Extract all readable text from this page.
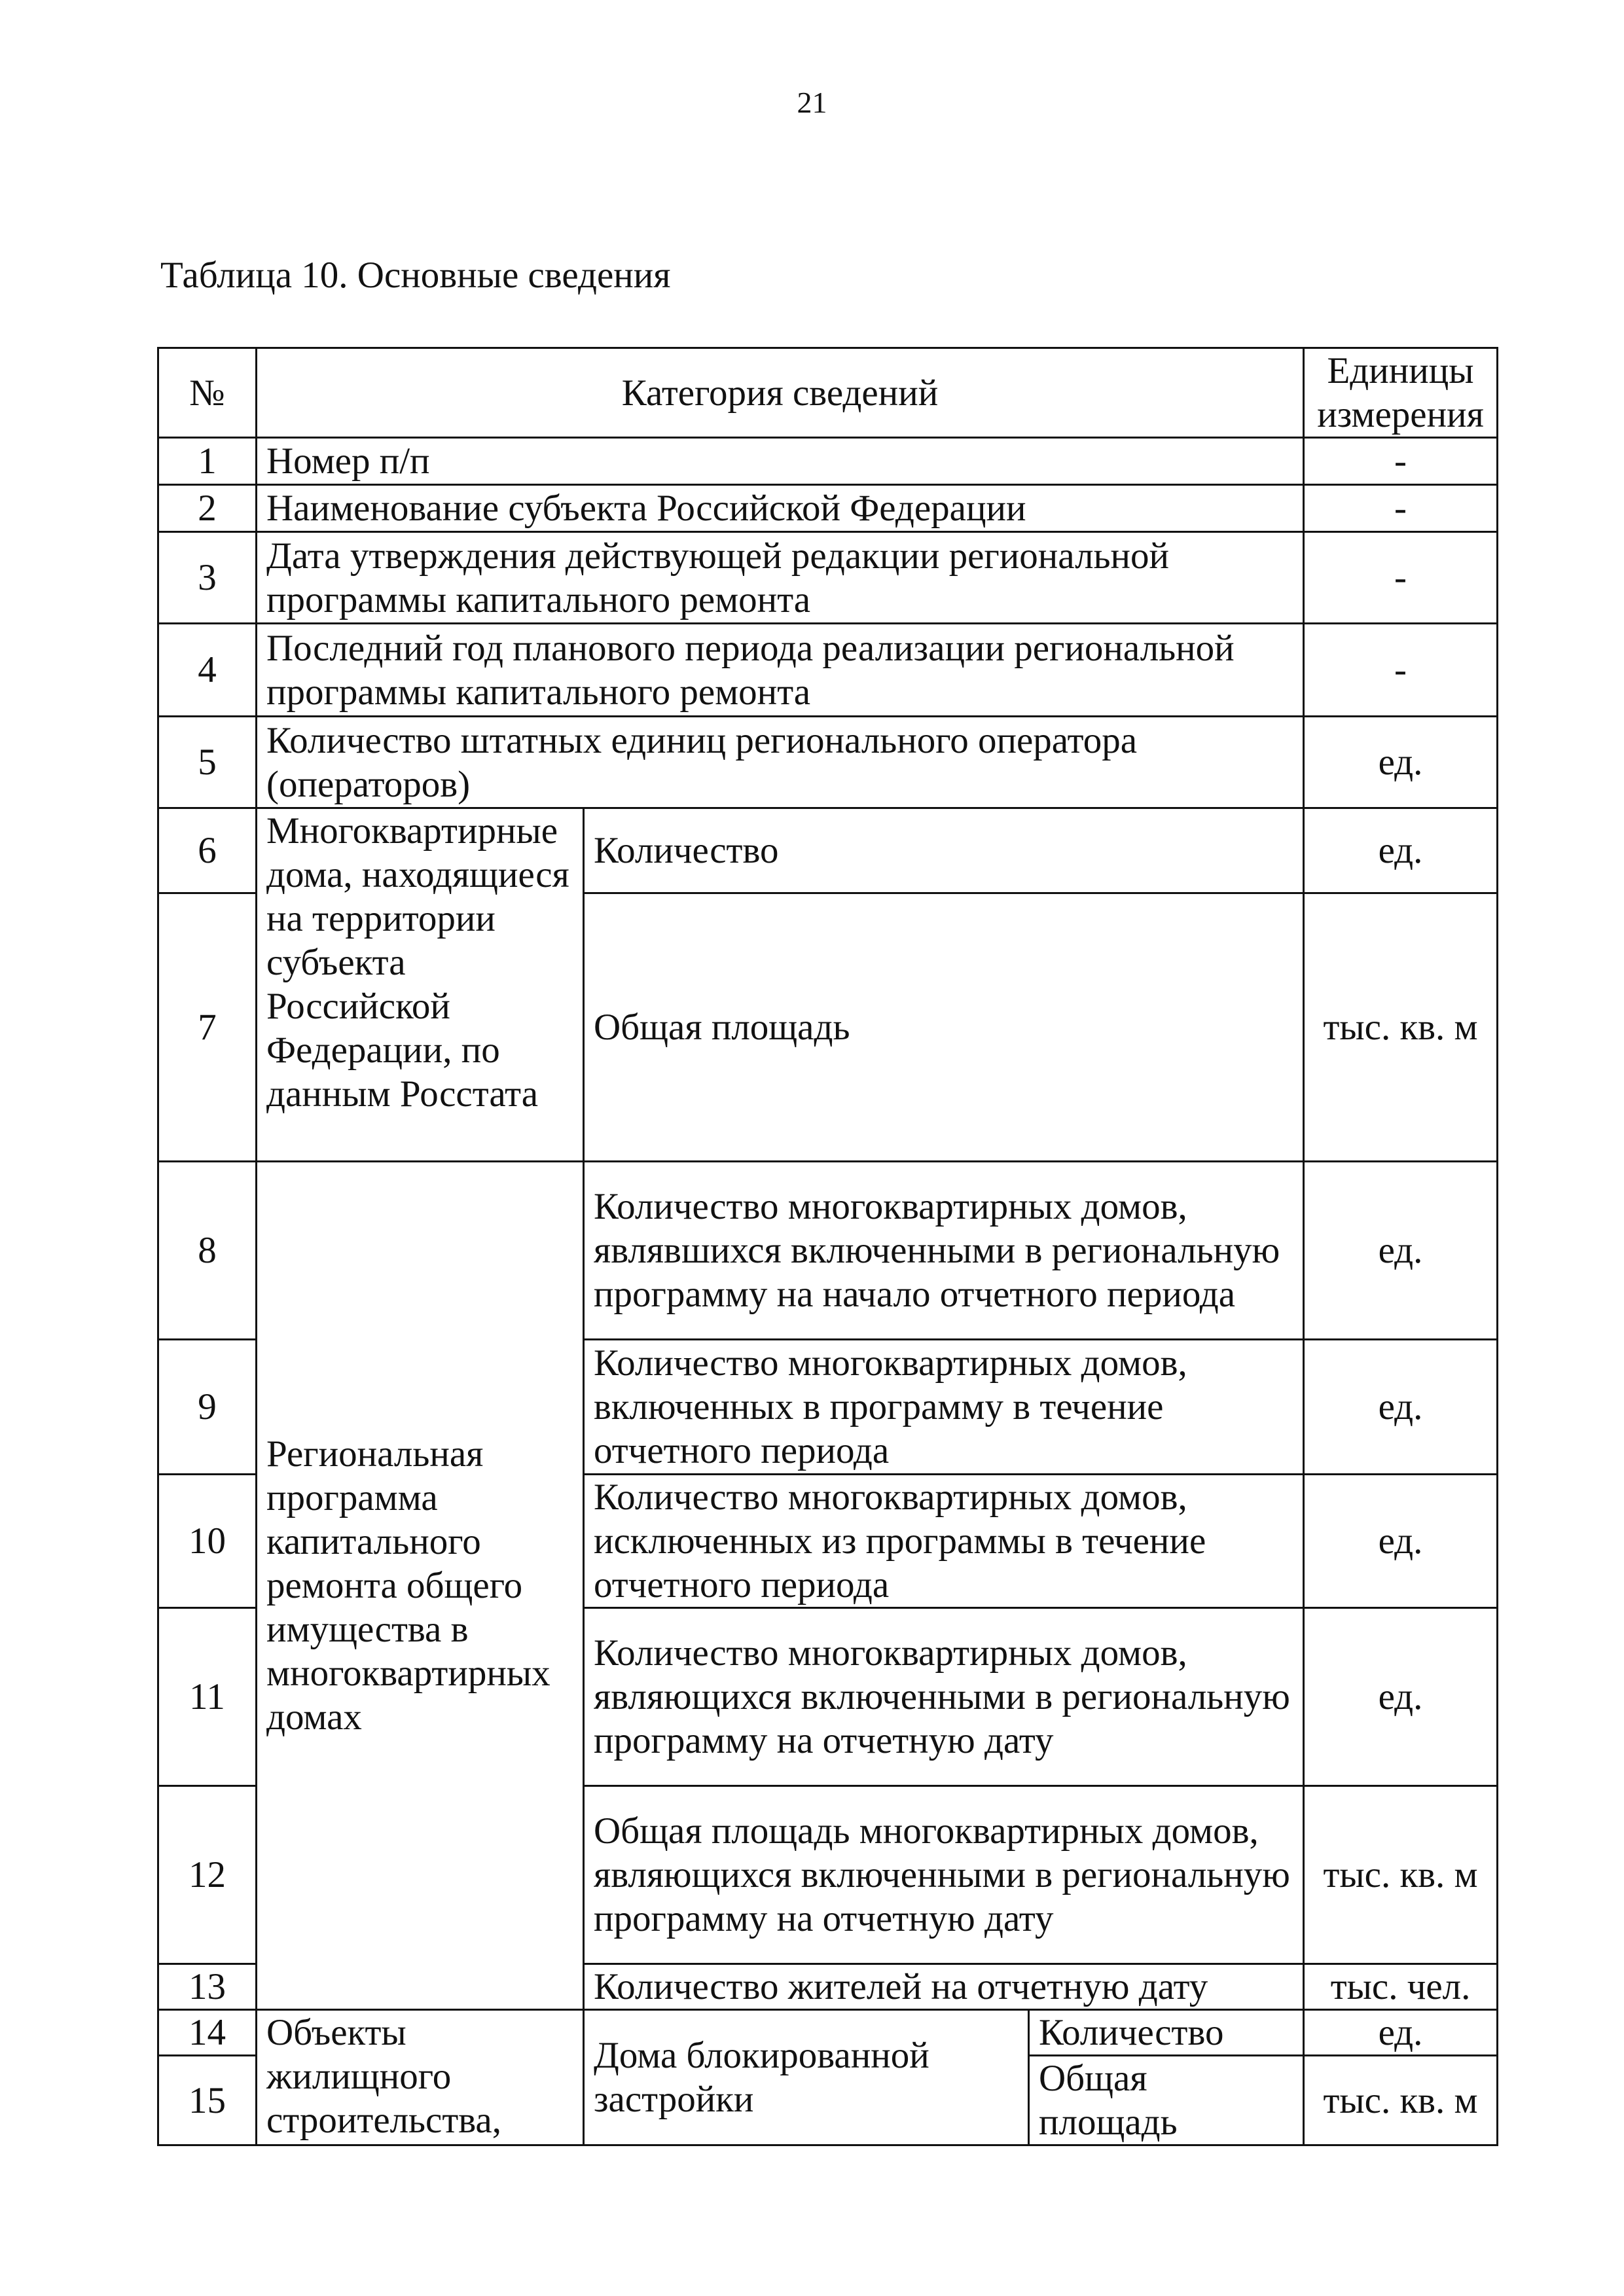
21
Таблица 10. Основные сведения
№	Категория сведений			Единицы
измерения
1	Номер п/п			-
2	Наименование субъекта Российской Федерации			-
3	Дата утверждения действующей редакции региональной программы капитального ремонта			-
4	Последний год планового периода реализации региональной программы капитального ремонта			-
5	Количество штатных единиц регионального оператора (операторов)			ед.
6	Многоквартирные дома, находящиеся на территории субъекта Российской Федерации, по данным Росстата	Количество		ед.
7		Общая площадь		тыс. кв. м
8	Региональная программа капитального ремонта общего имущества в многоквартирных домах	Количество многоквартирных домов, являвшихся включенными в региональную программу на начало отчетного периода		ед.
9		Количество многоквартирных домов, включенных в программу в течение отчетного периода		ед.
10		Количество многоквартирных домов, исключенных из программы в течение отчетного периода		ед.
11		Количество многоквартирных домов, являющихся включенными в региональную программу на отчетную дату		ед.
12		Общая площадь многоквартирных домов, являющихся включенными в региональную программу на отчетную дату		тыс. кв. м
13		Количество жителей на отчетную дату		тыс. чел.
14	Объекты жилищного строительства,	Дома блокированной застройки	Количество	ед.
15			Общая площадь	тыс. кв. м
